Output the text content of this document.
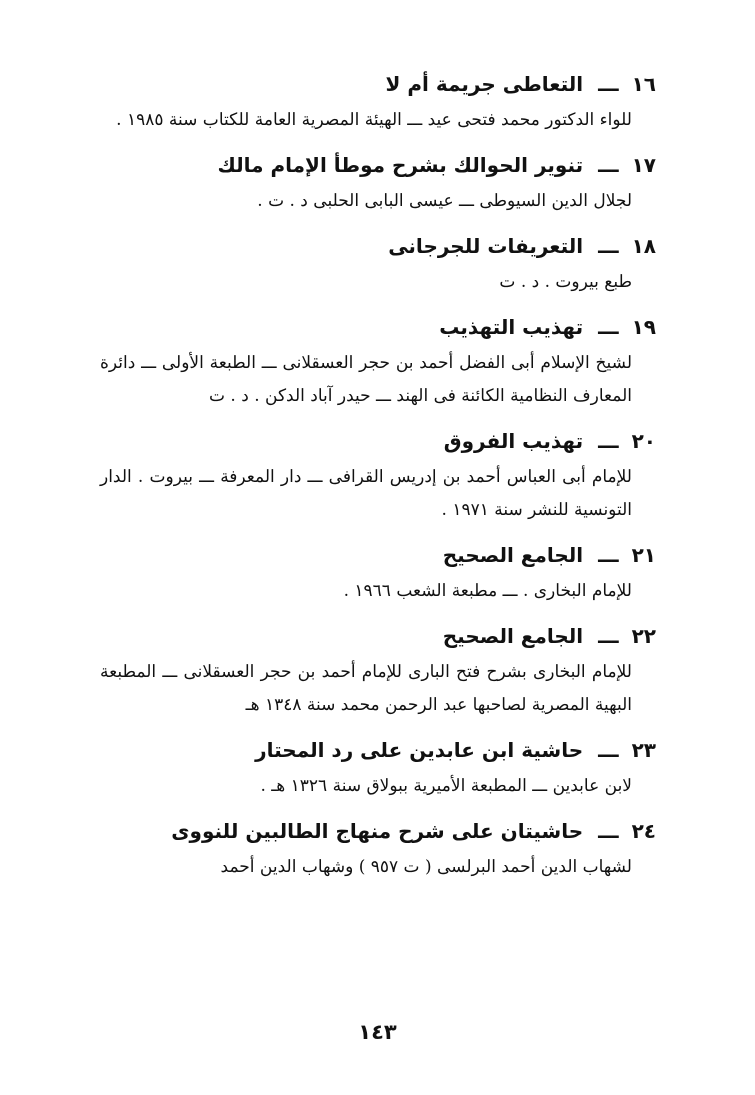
١٦ ـــ التعاطى جريمة أم لا
للواء الدكتور محمد فتحى عيد ـــ الهيئة المصرية العامة للكتاب سنة ١٩٨٥ .
١٧ ـــ تنوير الحوالك بشرح موطأ الإمام مالك
لجلال الدين السيوطى ـــ عيسى البابى الحلبى د . ت .
١٨ ـــ التعريفات للجرجانى
طبع بيروت . د . ت
١٩ ـــ تهذيب التهذيب
لشيخ الإسلام أبى الفضل أحمد بن حجر العسقلانى ـــ الطبعة الأولى ـــ دائرة المعارف النظامية الكائنة فى الهند ـــ حيدر آباد الدكن . د . ت
٢٠ ـــ تهذيب الفروق
للإمام أبى العباس أحمد بن إدريس القرافى ـــ دار المعرفة ـــ بيروت . الدار التونسية للنشر سنة ١٩٧١ .
٢١ ـــ الجامع الصحيح
للإمام البخارى . ـــ مطبعة الشعب ١٩٦٦ .
٢٢ ـــ الجامع الصحيح
للإمام البخارى بشرح فتح البارى للإمام أحمد بن حجر العسقلانى ـــ المطبعة البهية المصرية لصاحبها عبد الرحمن محمد سنة ١٣٤٨ هـ
٢٣ ـــ حاشية ابن عابدين على رد المحتار
لابن عابدين ـــ المطبعة الأميرية ببولاق سنة ١٣٢٦ هـ .
٢٤ ـــ حاشيتان على شرح منهاج الطالبين للنووى
لشهاب الدين أحمد البرلسى ( ت ٩٥٧ ) وشهاب الدين أحمد
١٤٣
